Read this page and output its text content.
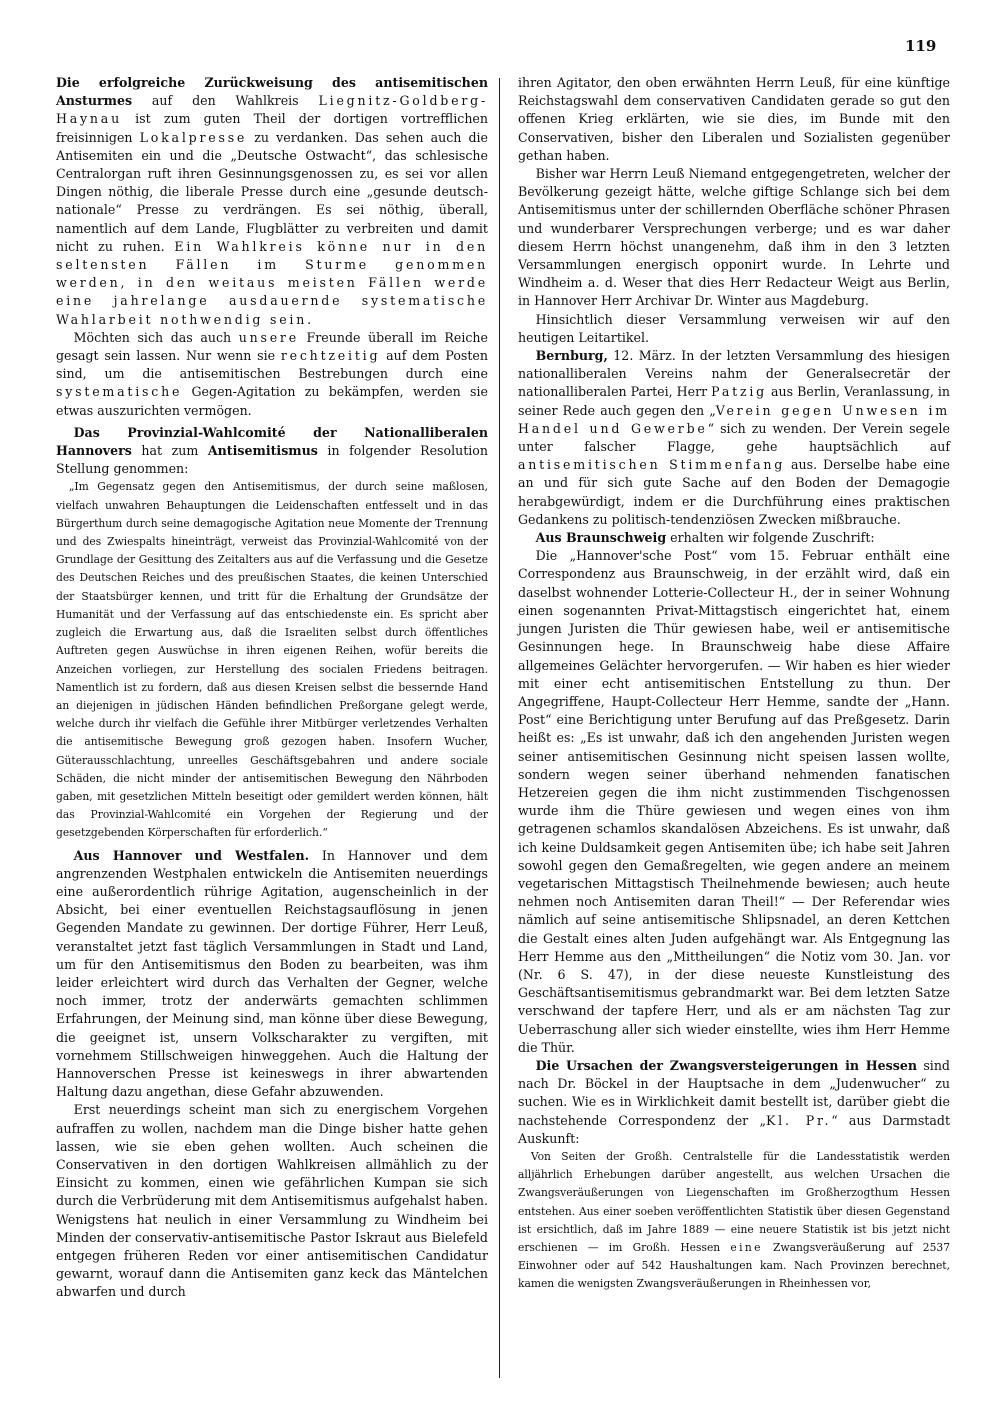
119

Die erfolgreiche Zurückweisung des antisemitischen Ansturmes auf den Wahlkreis Liegnitz-Goldberg-Haynau ist zum guten Theil der dortigen vortrefflichen freisinnigen Lokalpresse zu verdanken. Das sehen auch die Antisemiten ein und die „Deutsche Ostwacht“, das schlesische Centralorgan ruft ihren Gesinnungsgenossen zu, es sei vor allen Dingen nöthig, die liberale Presse durch eine „gesunde deutsch-nationale“ Presse zu verdrängen. Es sei nöthig, überall, namentlich auf dem Lande, Flugblätter zu verbreiten und damit nicht zu ruhen. Ein Wahlkreis könne nur in den seltensten Fällen im Sturme genommen werden, in den weitaus meisten Fällen werde eine jahrelange ausdauernde systematische Wahlarbeit nothwendig sein.

Möchten sich das auch unsere Freunde überall im Reiche gesagt sein lassen. Nur wenn sie rechtzeitig auf dem Posten sind, um die antisemitischen Bestrebungen durch eine systematische Gegen-Agitation zu bekämpfen, werden sie etwas auszurichten vermögen.

Das Provinzial-Wahlcomité der Nationalliberalen Hannovers hat zum Antisemitismus in folgender Resolution Stellung genommen:

„Im Gegensatz gegen den Antisemitismus, der durch seine maßlosen, vielfach unwahren Behauptungen die Leidenschaften entfesselt und in das Bürgerthum durch seine demagogische Agitation neue Momente der Trennung und des Zwiespalts hineinträgt, verweist das Provinzial-Wahlcomité von der Grundlage der Gesittung des Zeitalters aus auf die Verfassung und die Gesetze des Deutschen Reiches und des preußischen Staates, die keinen Unterschied der Staatsbürger kennen, und tritt für die Erhaltung der Grundsätze der Humanität und der Verfassung auf das entschiedenste ein. Es spricht aber zugleich die Erwartung aus, daß die Israeliten selbst durch öffentliches Auftreten gegen Auswüchse in ihren eigenen Reihen, wofür bereits die Anzeichen vorliegen, zur Herstellung des socialen Friedens beitragen. Namentlich ist zu fordern, daß aus diesen Kreisen selbst die bessernde Hand an diejenigen in jüdischen Händen befindlichen Preßorgane gelegt werde, welche durch ihr vielfach die Gefühle ihrer Mitbürger verletzendes Verhalten die antisemitische Bewegung groß gezogen haben. Insofern Wucher, Güterausschlachtung, unreelles Geschäftsgebahren und andere sociale Schäden, die nicht minder der antisemitischen Bewegung den Nährboden gaben, mit gesetzlichen Mitteln beseitigt oder gemildert werden können, hält das Provinzial-Wahlcomité ein Vorgehen der Regierung und der gesetzgebenden Körperschaften für erforderlich.“

Aus Hannover und Westfalen. In Hannover und dem angrenzenden Westphalen entwickeln die Antisemiten neuerdings eine außerordentlich rührige Agitation, augenscheinlich in der Absicht, bei einer eventuellen Reichstagsauflösung in jenen Gegenden Mandate zu gewinnen. Der dortige Führer, Herr Leuß, veranstaltet jetzt fast täglich Versammlungen in Stadt und Land, um für den Antisemitismus den Boden zu bearbeiten, was ihm leider erleichtert wird durch das Verhalten der Gegner, welche noch immer, trotz der anderwärts gemachten schlimmen Erfahrungen, der Meinung sind, man könne über diese Bewegung, die geeignet ist, unsern Volkscharakter zu vergiften, mit vornehmem Stillschweigen hinweggehen. Auch die Haltung der Hannoverschen Presse ist keineswegs in ihrer abwartenden Haltung dazu angethan, diese Gefahr abzuwenden.

Erst neuerdings scheint man sich zu energischem Vorgehen aufraffen zu wollen, nachdem man die Dinge bisher hatte gehen lassen, wie sie eben gehen wollten. Auch scheinen die Conservativen in den dortigen Wahlkreisen allmählich zu der Einsicht zu kommen, einen wie gefährlichen Kumpan sie sich durch die Verbrüderung mit dem Antisemitismus aufgehalst haben. Wenigstens hat neulich in einer Versammlung zu Windheim bei Minden der conservativ-antisemitische Pastor Iskraut aus Bielefeld entgegen früheren Reden vor einer antisemitischen Candidatur gewarnt, worauf dann die Antisemiten ganz keck das Mäntelchen abwarfen und durch

ihren Agitator, den oben erwähnten Herrn Leuß, für eine künftige Reichstagswahl dem conservativen Candidaten gerade so gut den offenen Krieg erklärten, wie sie dies, im Bunde mit den Conservativen, bisher den Liberalen und Sozialisten gegenüber gethan haben.

Bisher war Herrn Leuß Niemand entgegengetreten, welcher der Bevölkerung gezeigt hätte, welche giftige Schlange sich bei dem Antisemitismus unter der schillernden Oberfläche schöner Phrasen und wunderbarer Versprechungen verberge; und es war daher diesem Herrn höchst unangenehm, daß ihm in den 3 letzten Versammlungen energisch opponirt wurde. In Lehrte und Windheim a. d. Weser that dies Herr Redacteur Weigt aus Berlin, in Hannover Herr Archivar Dr. Winter aus Magdeburg.

Hinsichtlich dieser Versammlung verweisen wir auf den heutigen Leitartikel.

Bernburg, 12. März. In der letzten Versammlung des hiesigen nationalliberalen Vereins nahm der Generalsecretär der nationalliberalen Partei, Herr Patzig aus Berlin, Veranlassung, in seiner Rede auch gegen den „Verein gegen Unwesen im Handel und Gewerbe“ sich zu wenden. Der Verein segele unter falscher Flagge, gehe hauptsächlich auf antisemitischen Stimmenfang aus. Derselbe habe eine an und für sich gute Sache auf den Boden der Demagogie herabgewürdigt, indem er die Durchführung eines praktischen Gedankens zu politisch-tendenziösen Zwecken mißbrauche.

Aus Braunschweig erhalten wir folgende Zuschrift:

Die „Hannover'sche Post“ vom 15. Februar enthält eine Correspondenz aus Braunschweig, in der erzählt wird, daß ein daselbst wohnender Lotterie-Collecteur H., der in seiner Wohnung einen sogenannten Privat-Mittagstisch eingerichtet hat, einem jungen Juristen die Thür gewiesen habe, weil er antisemitische Gesinnungen hege. In Braunschweig habe diese Affaire allgemeines Gelächter hervorgerufen. — Wir haben es hier wieder mit einer echt antisemitischen Entstellung zu thun. Der Angegriffene, Haupt-Collecteur Herr Hemme, sandte der „Hann. Post“ eine Berichtigung unter Berufung auf das Preßgesetz. Darin heißt es: „Es ist unwahr, daß ich den angehenden Juristen wegen seiner antisemitischen Gesinnung nicht speisen lassen wollte, sondern wegen seiner überhand nehmenden fanatischen Hetzereien gegen die ihm nicht zustimmenden Tischgenossen wurde ihm die Thüre gewiesen und wegen eines von ihm getragenen schamlos skandalösen Abzeichens. Es ist unwahr, daß ich keine Duldsamkeit gegen Antisemiten übe; ich habe seit Jahren sowohl gegen den Gemaßregelten, wie gegen andere an meinem vegetarischen Mittagstisch Theilnehmende bewiesen; auch heute nehmen noch Antisemiten daran Theil!“ — Der Referendar wies nämlich auf seine antisemitische Shlipsnadel, an deren Kettchen die Gestalt eines alten Juden aufgehängt war. Als Entgegnung las Herr Hemme aus den „Mittheilungen“ die Notiz vom 30. Jan. vor (Nr. 6 S. 47), in der diese neueste Kunstleistung des Geschäftsantisemitismus gebrandmarkt war. Bei dem letzten Satze verschwand der tapfere Herr, und als er am nächsten Tag zur Ueberraschung aller sich wieder einstellte, wies ihm Herr Hemme die Thür.

Die Ursachen der Zwangsversteigerungen in Hessen sind nach Dr. Böckel in der Hauptsache in dem „Judenwucher“ zu suchen. Wie es in Wirklichkeit damit bestellt ist, darüber giebt die nachstehende Correspondenz der „Kl. Pr.“ aus Darmstadt Auskunft:

Von Seiten der Großh. Centralstelle für die Landesstatistik werden alljährlich Erhebungen darüber angestellt, aus welchen Ursachen die Zwangsveräußerungen von Liegenschaften im Großherzogthum Hessen entstehen. Aus einer soeben veröffentlichten Statistik über diesen Gegenstand ist ersichtlich, daß im Jahre 1889 — eine neuere Statistik ist bis jetzt nicht erschienen — im Großh. Hessen eine Zwangsveräußerung auf 2537 Einwohner oder auf 542 Haushaltungen kam. Nach Provinzen berechnet, kamen die wenigsten Zwangsveräußerungen in Rheinhessen vor,
